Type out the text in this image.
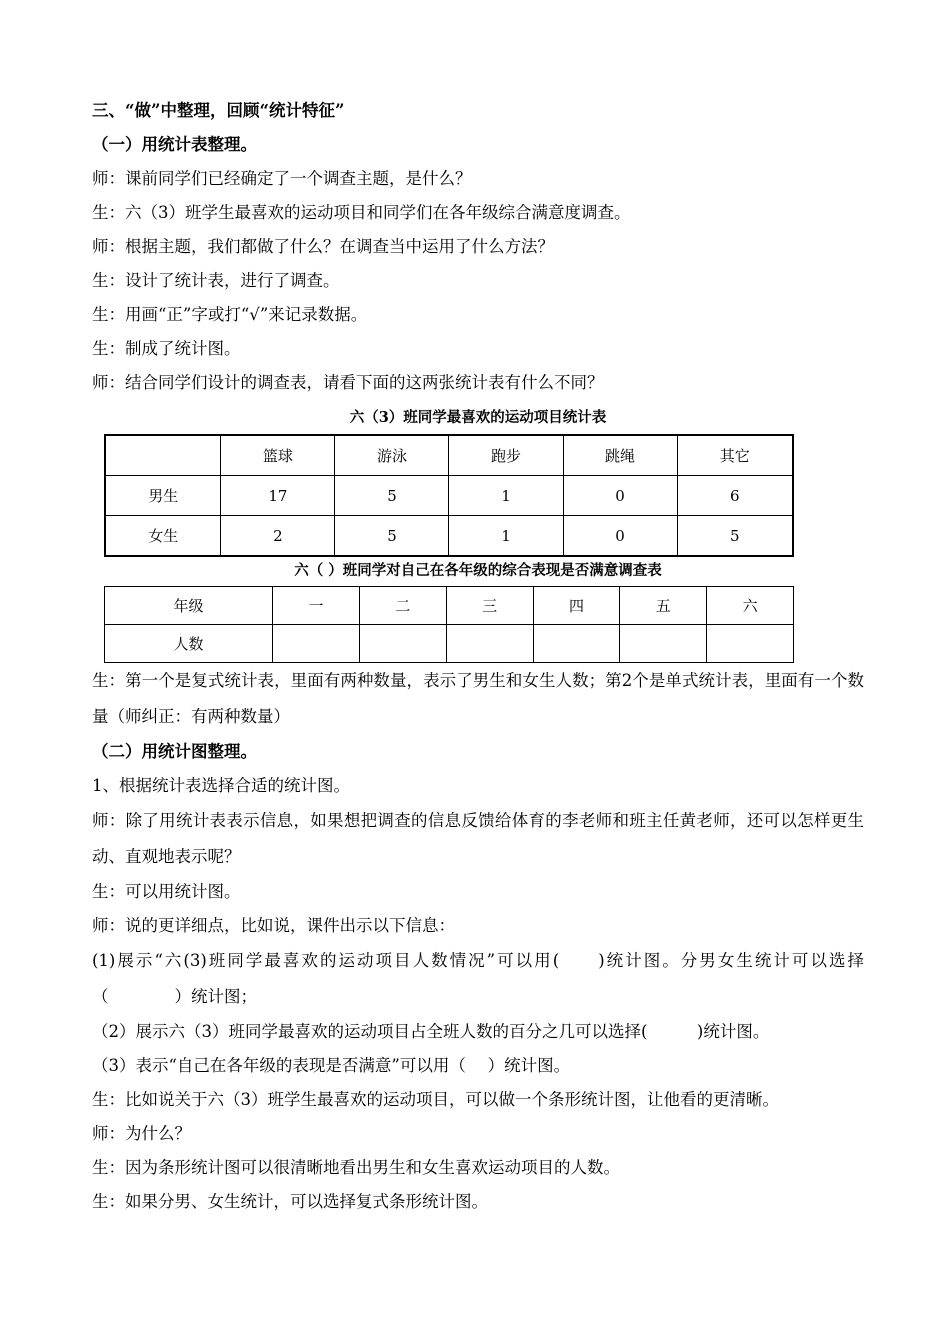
三、“做”中整理，回顾“统计特征”

（一）用统计表整理。

师：课前同学们已经确定了一个调查主题，是什么？

生：六（3）班学生最喜欢的运动项目和同学们在各年级综合满意度调查。

师：根据主题，我们都做了什么？在调查当中运用了什么方法？

生：设计了统计表，进行了调查。

生：用画“正”字或打“√”来记录数据。

生：制成了统计图。

师：结合同学们设计的调查表，请看下面的这两张统计表有什么不同？

六（3）班同学最喜欢的运动项目统计表

	篮球	游泳	跑步	跳绳	其它
男生	17	5	1	0	6
女生	2	5	1	0	5

六（ ）班同学对自己在各年级的综合表现是否满意调查表

年级	一	二	三	四	五	六
人数						

生：第一个是复式统计表，里面有两种数量，表示了男生和女生人数；第2个是单式统计表，里面有一个数量（师纠正：有两种数量）

（二）用统计图整理。

1、根据统计表选择合适的统计图。

师：除了用统计表表示信息，如果想把调查的信息反馈给体育的李老师和班主任黄老师，还可以怎样更生动、直观地表示呢？

生：可以用统计图。

师：说的更详细点，比如说，课件出示以下信息：

(1)展示“六(3)班同学最喜欢的运动项目人数情况”可以用(　　)统计图。分男女生统计可以选择（　　　　）统计图；

（2）展示六（3）班同学最喜欢的运动项目占全班人数的百分之几可以选择(　　　)统计图。

（3）表示“自己在各年级的表现是否满意”可以用（　 ）统计图。

生：比如说关于六（3）班学生最喜欢的运动项目，可以做一个条形统计图，让他看的更清晰。

师：为什么？

生：因为条形统计图可以很清晰地看出男生和女生喜欢运动项目的人数。

生：如果分男、女生统计，可以选择复式条形统计图。
